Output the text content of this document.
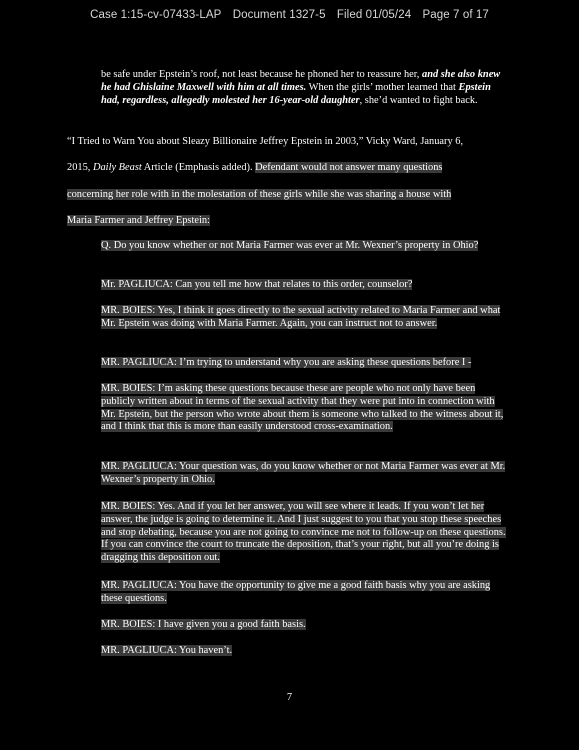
Case 1:15-cv-07433-LAP Document 1327-5 Filed 01/05/24 Page 7 of 17
be safe under Epstein’s roof, not least because he phoned her to reassure her, and she also knew he had Ghislaine Maxwell with him at all times. When the girls’ mother learned that Epstein had, regardless, allegedly molested her 16-year-old daughter, she’d wanted to fight back.
“I Tried to Warn You about Sleazy Billionaire Jeffrey Epstein in 2003,” Vicky Ward, January 6,
2015, Daily Beast Article (Emphasis added). Defendant would not answer many questions
concerning her role with in the molestation of these girls while she was sharing a house with
Maria Farmer and Jeffrey Epstein:
Q. Do you know whether or not Maria Farmer was ever at Mr. Wexner’s property in Ohio?
Mr. PAGLIUCA: Can you tell me how that relates to this order, counselor?
MR. BOIES: Yes, I think it goes directly to the sexual activity related to Maria Farmer and what Mr. Epstein was doing with Maria Farmer. Again, you can instruct not to answer.
MR. PAGLIUCA: I’m trying to understand why you are asking these questions before I -
MR. BOIES: I’m asking these questions because these are people who not only have been publicly written about in terms of the sexual activity that they were put into in connection with Mr. Epstein, but the person who wrote about them is someone who talked to the witness about it, and I think that this is more than easily understood cross-examination.
MR. PAGLIUCA: Your question was, do you know whether or not Maria Farmer was ever at Mr. Wexner’s property in Ohio.
MR. BOIES: Yes. And if you let her answer, you will see where it leads. If you won’t let her answer, the judge is going to determine it. And I just suggest to you that you stop these speeches and stop debating, because you are not going to convince me not to follow-up on these questions. If you can convince the court to truncate the deposition, that’s your right, but all you’re doing is dragging this deposition out.
MR. PAGLIUCA: You have the opportunity to give me a good faith basis why you are asking these questions.
MR. BOIES: I have given you a good faith basis.
MR. PAGLIUCA: You haven’t.
7
